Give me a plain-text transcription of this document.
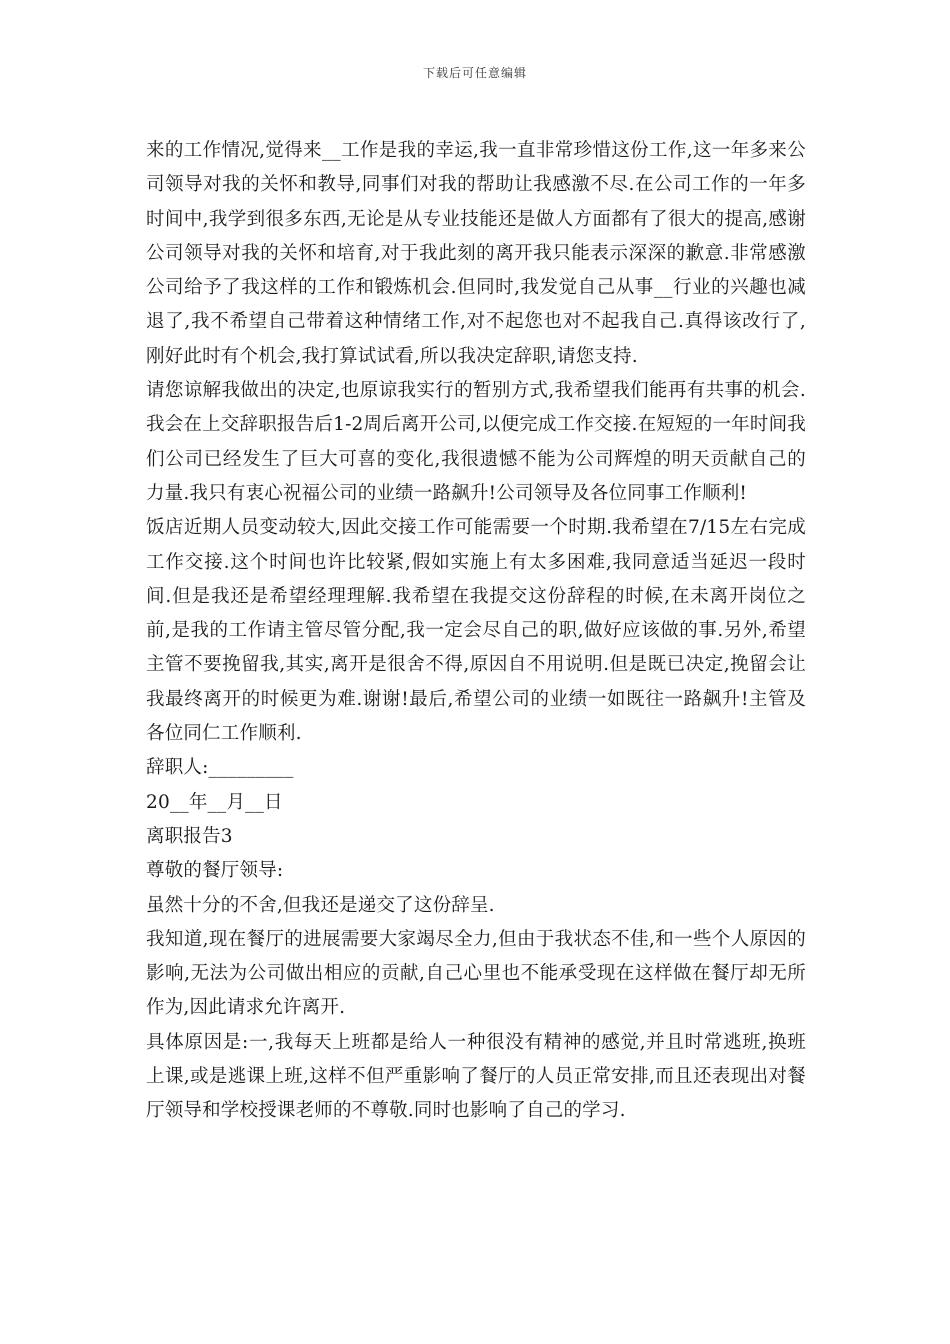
下载后可任意编辑

来的工作情况,觉得来__工作是我的幸运,我一直非常珍惜这份工作,这一年多来公司领导对我的关怀和教导,同事们对我的帮助让我感激不尽.在公司工作的一年多时间中,我学到很多东西,无论是从专业技能还是做人方面都有了很大的提高,感谢公司领导对我的关怀和培育,对于我此刻的离开我只能表示深深的歉意.非常感激公司给予了我这样的工作和锻炼机会.但同时,我发觉自己从事__行业的兴趣也减退了,我不希望自己带着这种情绪工作,对不起您也对不起我自己.真得该改行了,刚好此时有个机会,我打算试试看,所以我决定辞职,请您支持.

请您谅解我做出的决定,也原谅我实行的暂别方式,我希望我们能再有共事的机会.我会在上交辞职报告后1-2周后离开公司,以便完成工作交接.在短短的一年时间我们公司已经发生了巨大可喜的变化,我很遗憾不能为公司辉煌的明天贡献自己的力量.我只有衷心祝福公司的业绩一路飙升!公司领导及各位同事工作顺利!

饭店近期人员变动较大,因此交接工作可能需要一个时期.我希望在7/15左右完成工作交接.这个时间也许比较紧,假如实施上有太多困难,我同意适当延迟一段时间.但是我还是希望经理理解.我希望在我提交这份辞程的时候,在未离开岗位之前,是我的工作请主管尽管分配,我一定会尽自己的职,做好应该做的事.另外,希望主管不要挽留我,其实,离开是很舍不得,原因自不用说明.但是既已决定,挽留会让我最终离开的时候更为难.谢谢!最后,希望公司的业绩一如既往一路飙升!主管及各位同仁工作顺利.

辞职人:_________

20__年__月__日

离职报告3

尊敬的餐厅领导:

虽然十分的不舍,但我还是递交了这份辞呈.

我知道,现在餐厅的进展需要大家竭尽全力,但由于我状态不佳,和一些个人原因的影响,无法为公司做出相应的贡献,自己心里也不能承受现在这样做在餐厅却无所作为,因此请求允许离开.

具体原因是:一,我每天上班都是给人一种很没有精神的感觉,并且时常逃班,换班上课,或是逃课上班,这样不但严重影响了餐厅的人员正常安排,而且还表现出对餐厅领导和学校授课老师的不尊敬.同时也影响了自己的学习.
